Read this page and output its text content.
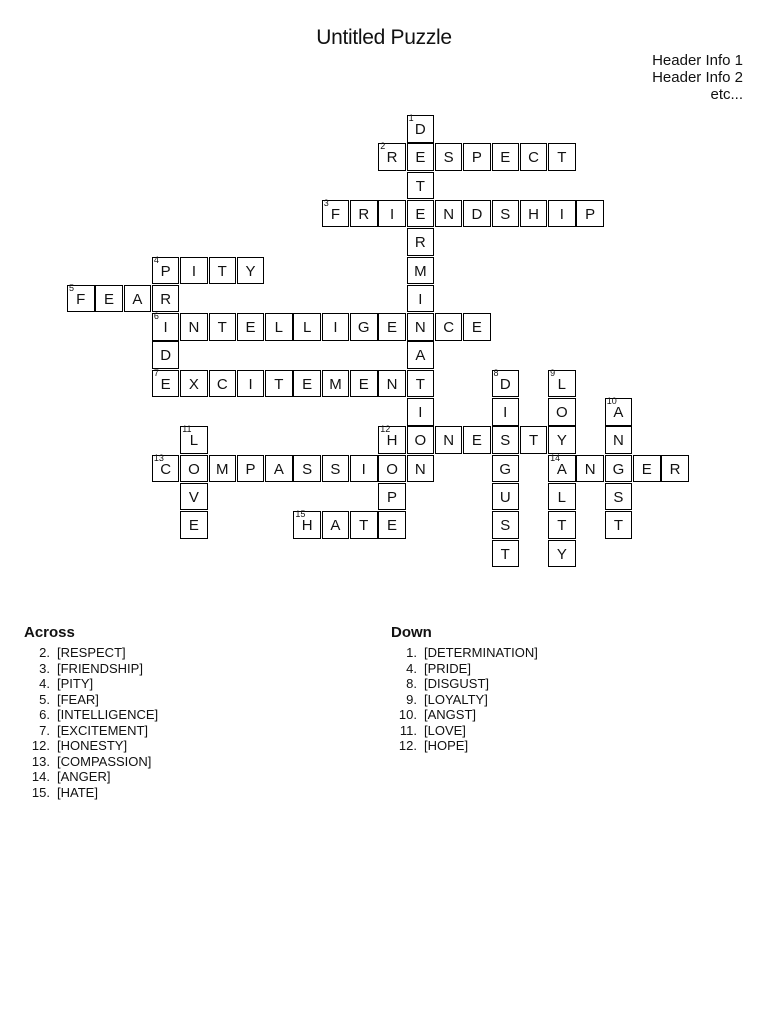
Untitled Puzzle
Header Info 1
Header Info 2
etc...
1
D
E
T
E
R
M
I
N
A
T
I
O
N
2
R	S	P	E	C	T
3
F	R	I	N	D	S	H	I	P
4
P	I	T	Y
R
6
I
D
7
E
5
F	E	A
N	T	E	L	L	I	G	E	C	E
X	C	I	T	E	M	E	N
8
D
I
S
G
U
S
T
9
L
O
Y
14
A
L
T
Y
10
A
N
G
S
T
11
L
O
V
E
12
H	N	E	T
O
P
E
13
C	M	P	A	S	S	I	N	E	R
15
H	A	T
Across
2. [RESPECT]
3. [FRIENDSHIP]
4. [PITY]
5. [FEAR]
6. [INTELLIGENCE]
7. [EXCITEMENT]
12. [HONESTY]
13. [COMPASSION]
14. [ANGER]
15. [HATE]
Down
1. [DETERMINATION]
4. [PRIDE]
8. [DISGUST]
9. [LOYALTY]
10. [ANGST]
11. [LOVE]
12. [HOPE]
